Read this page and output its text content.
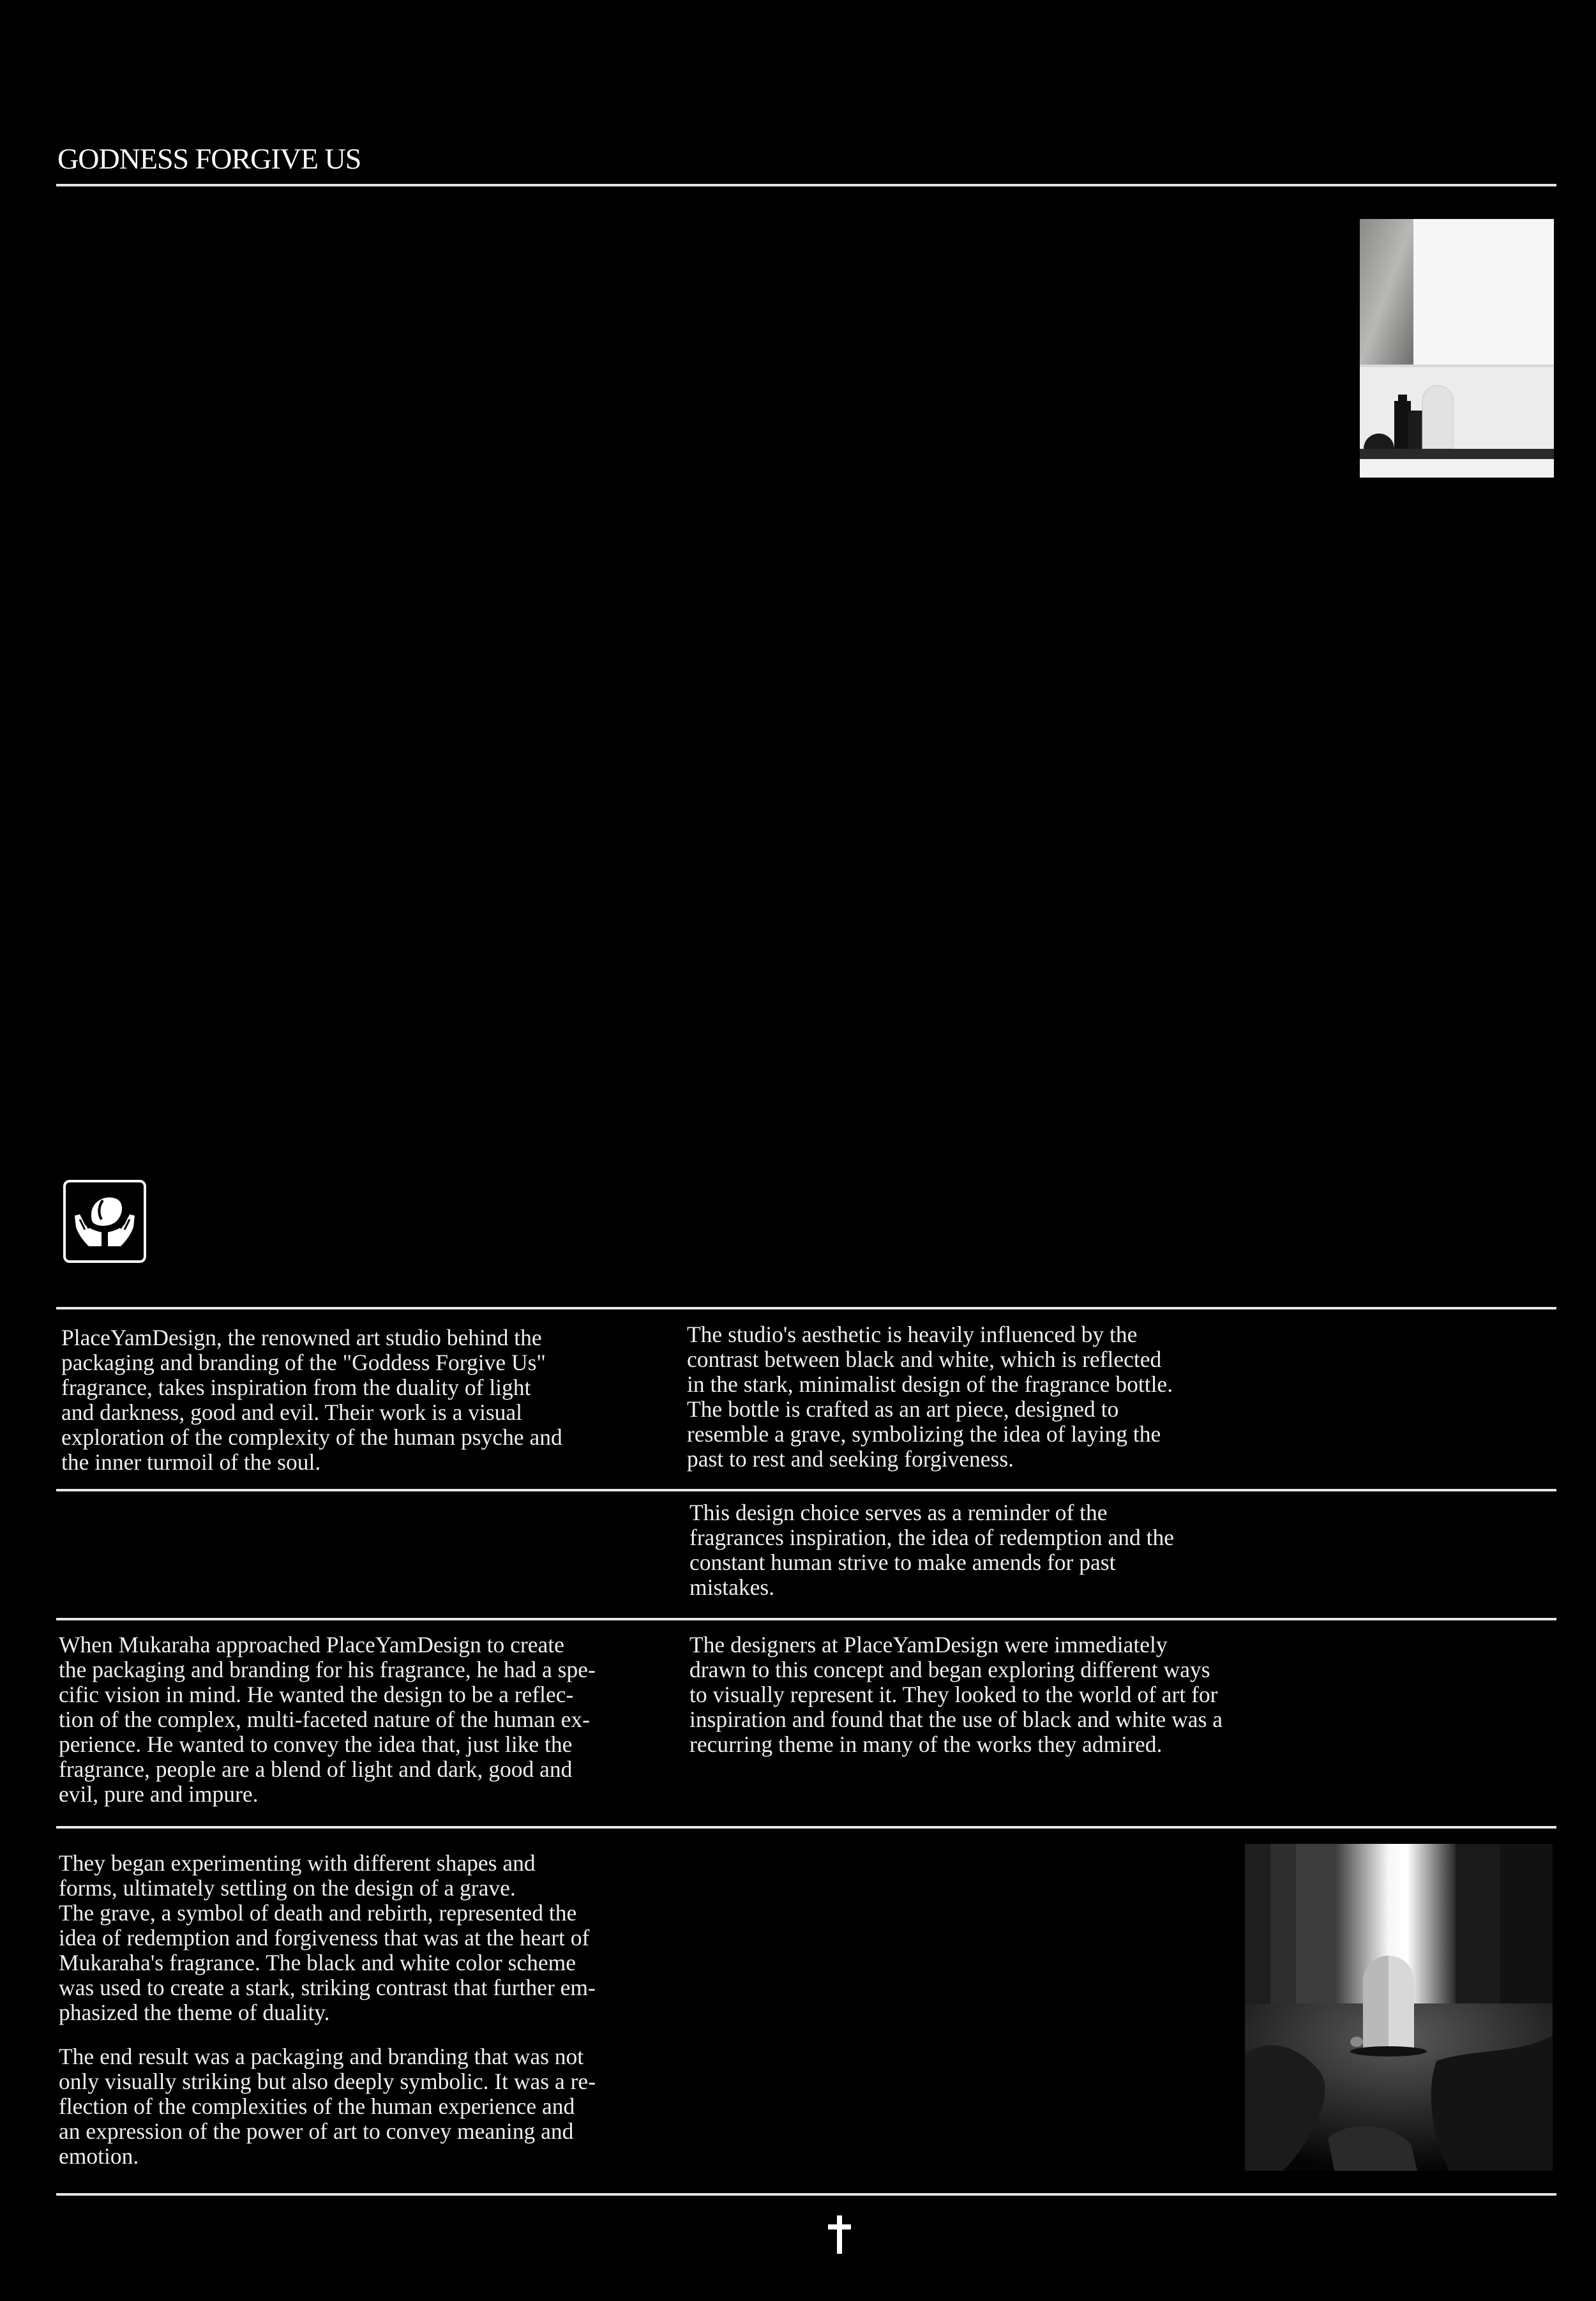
GODNESS FORGIVE US

PlaceYamDesign, the renowned art studio behind the
packaging and branding of the "Goddess Forgive Us"
fragrance, takes inspiration from the duality of light
and darkness, good and evil. Their work is a visual
exploration of the complexity of the human psyche and
the inner turmoil of the soul.

The studio's aesthetic is heavily influenced by the
contrast between black and white, which is reflected
in the stark, minimalist design of the fragrance bottle.
The bottle is crafted as an art piece, designed to
resemble a grave, symbolizing the idea of laying the
past to rest and seeking forgiveness.

This design choice serves as a reminder of the
fragrances inspiration, the idea of redemption and the
constant human strive to make amends for past
mistakes.

When Mukaraha approached PlaceYamDesign to create
the packaging and branding for his fragrance, he had a spe-
cific vision in mind. He wanted the design to be a reflec-
tion of the complex, multi-faceted nature of the human ex-
perience. He wanted to convey the idea that, just like the
fragrance, people are a blend of light and dark, good and
evil, pure and impure.

The designers at PlaceYamDesign were immediately
drawn to this concept and began exploring different ways
to visually represent it. They looked to the world of art for
inspiration and found that the use of black and white was a
recurring theme in many of the works they admired.

They began experimenting with different shapes and
forms, ultimately settling on the design of a grave.
The grave, a symbol of death and rebirth, represented the
idea of redemption and forgiveness that was at the heart of
Mukaraha's fragrance. The black and white color scheme
was used to create a stark, striking contrast that further em-
phasized the theme of duality.

The end result was a packaging and branding that was not
only visually striking but also deeply symbolic. It was a re-
flection of the complexities of the human experience and
an expression of the power of art to convey meaning and
emotion.
